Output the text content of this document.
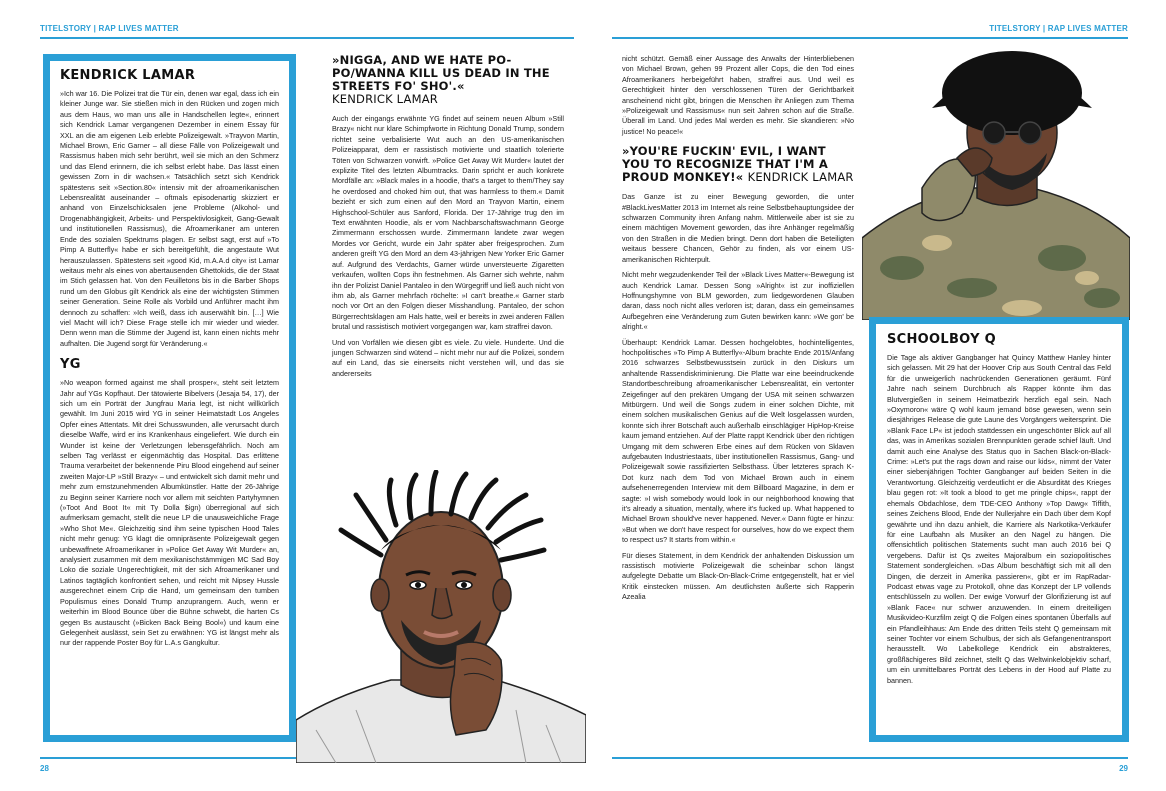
TITELSTORY | RAP LIVES MATTER	TITELSTORY | RAP LIVES MATTER
28	29
KENDRICK LAMAR

»Ich war 16. Die Polizei trat die Tür ein, denen war egal, dass ich ein kleiner Junge war. Sie stießen mich in den Rücken und zogen mich aus dem Haus, wo man uns alle in Handschellen legte«, erinnert sich Kendrick Lamar vergangenen Dezember in einem Essay für XXL an die am eigenen Leib erlebte Polizeigewalt. »Trayvon Martin, Michael Brown, Eric Garner – all diese Fälle von Polizeigewalt und Rassismus haben mich sehr berührt, weil sie mich an den Schmerz und das Elend erinnern, die ich selbst erlebt habe. Das lässt einen gewissen Zorn in dir wachsen.« Tatsächlich setzt sich Kendrick spätestens seit »Section.80« intensiv mit der afroamerikanischen Lebensrealität auseinander – oftmals episodenartig skizziert er anhand von Einzelschicksalen jene Probleme (Alkohol- und Drogenabhängigkeit, Arbeits- und Perspektivlosigkeit, Gang-Gewalt und institutionellen Rassismus), die Afroamerikaner am unteren Ende des sozialen Spektrums plagen. Er selbst sagt, erst auf »To Pimp A Butterfly« habe er sich bereitgefühlt, die angestaute Wut herauszulassen. Spätestens seit »good Kid, m.A.A.d city« ist Lamar weitaus mehr als eines von abertausenden Ghettokids, die der Staat im Stich gelassen hat. Von den Feuilletons bis in die Barber Shops rund um den Globus gilt Kendrick als eine der wichtigsten Stimmen seiner Generation. Seine Rolle als Vorbild und Anführer macht ihm dennoch zu schaffen: »Ich weiß, dass ich auserwählt bin. […] Wie viel Macht will ich? Diese Frage stelle ich mir wieder und wieder. Denn wenn man die Stimme der Jugend ist, kann einen nichts mehr aufhalten. Die Jugend sorgt für Veränderung.«

YG

»No weapon formed against me shall prosper«, steht seit letztem Jahr auf YGs Kopfhaut. Der tätowierte Bibelvers (Jesaja 54, 17), der sich um ein Porträt der Jungfrau Maria legt, ist nicht willkürlich gewählt. Im Juni 2015 wird YG in seiner Heimatstadt Los Angeles Opfer eines Attentats. Mit drei Schusswunden, alle verursacht durch dieselbe Waffe, wird er ins Krankenhaus eingeliefert. Wie durch ein Wunder ist keine der Verletzungen lebensgefährlich. Noch am selben Tag verlässt er eigenmächtig das Hospital. Das erlittene Trauma verarbeitet der bekennende Piru Blood eingehend auf seiner zweiten Major-LP »Still Brazy« – und entwickelt sich damit mehr und mehr zum ernstzunehmenden Albumkünstler. Hatte der 26-Jährige zu Beginn seiner Karriere noch vor allem mit seichten Partyhymnen (»Toot And Boot It« mit Ty Dolla $ign) überregional auf sich aufmerksam gemacht, stellt die neue LP die unausweichliche Frage »Who Shot Me«. Gleichzeitig sind ihm seine typischen Hood Tales nicht mehr genug: YG klagt die omnipräsente Polizeigewalt gegen unbewaffnete Afroamerikaner in »Police Get Away Wit Murder« an, analysiert zusammen mit dem mexikanischstämmigen MC Sad Boy Loko die soziale Ungerechtigkeit, mit der sich Afroamerikaner und Latinos tagtäglich konfrontiert sehen, und reicht mit Nipsey Hussle ausgerechnet einem Crip die Hand, um gemeinsam den tumben Populismus eines Donald Trump anzuprangern. Auch, wenn er weiterhin im Blood Bounce über die Bühne schwebt, die harten Cs gegen Bs austauscht (»Bicken Back Being Bool«) und kaum eine Gelegenheit auslässt, sein Set zu erwähnen: YG ist längst mehr als nur der rappende Poster Boy für L.A.s Gangkultur.

»NIGGA, AND WE HATE PO-PO/WANNA KILL US DEAD IN THE STREETS FO' SHO'.«
KENDRICK LAMAR

Auch der eingangs erwähnte YG findet auf seinem neuen Album »Still Brazy« nicht nur klare Schimpfworte in Richtung Donald Trump, sondern richtet seine verbalisierte Wut auch an den US-amerikanischen Polizeiapparat, dem er rassistisch motivierte und staatlich tolerierte Töten von Schwarzen vorwirft. »Police Get Away Wit Murder« lautet der explizite Titel des letzten Albumtracks. Darin spricht er auch konkrete Mordfälle an: »Black males in a hoodie, that's a target to them/They say he overdosed and choked him out, that was harmless to them.« Damit bezieht er sich zum einen auf den Mord an Trayvon Martin, einem Highschool-Schüler aus Sanford, Florida. Der 17-Jährige trug den im Text erwähnten Hoodie, als er vom Nachbarschaftswachmann George Zimmermann erschossen wurde. Zimmermann landete zwar wegen Mordes vor Gericht, wurde ein Jahr später aber freigesprochen. Zum anderen greift YG den Mord an dem 43-jährigen New Yorker Eric Garner auf. Aufgrund des Verdachts, Garner würde unversteuerte Zigaretten verkaufen, wollten Cops ihn festnehmen. Als Garner sich wehrte, nahm ihn der Polizist Daniel Pantaleo in den Würgegriff und ließ auch nicht von ihm ab, als Garner mehrfach röchelte: »I can't breathe.« Garner starb noch vor Ort an den Folgen dieser Misshandlung. Pantaleo, der schon Bürgerrechtsklagen am Hals hatte, weil er bereits in zwei anderen Fällen brutal und rassistisch motiviert vorgegangen war, kam straffrei davon.

Und von Vorfällen wie diesen gibt es viele. Zu viele. Hunderte. Und die jungen Schwarzen sind wütend – nicht mehr nur auf die Polizei, sondern auf ein Land, das sie einerseits nicht verstehen will, und das sie andererseits

nicht schützt. Gemäß einer Aussage des Anwalts der Hinterbliebenen von Michael Brown, gehen 99 Prozent aller Cops, die den Tod eines Afroamerikaners herbeigeführt haben, straffrei aus. Und weil es Gerechtigkeit hinter den verschlossenen Türen der Gerichtbarkeit anscheinend nicht gibt, bringen die Menschen ihr Anliegen zum Thema »Polizeigewalt und Rassismus« nun seit Jahren schon auf die Straße. Überall im Land. Und jedes Mal werden es mehr. Sie skandieren: »No justice! No peace!«

»YOU'RE FUCKIN' EVIL, I WANT YOU TO RECOGNIZE THAT I'M A PROUD MONKEY!« KENDRICK LAMAR

Das Ganze ist zu einer Bewegung geworden, die unter #BlackLivesMatter 2013 im Internet als reine Selbstbehauptungsidee der schwarzen Community ihren Anfang nahm. Mittlerweile aber ist sie zu einem mächtigen Movement geworden, das ihre Anhänger regelmäßig von den Straßen in die Medien bringt. Denn dort haben die Beteiligten weitaus bessere Chancen, Gehör zu finden, als vor einem US-amerikanischen Richterpult.

Nicht mehr wegzudenkender Teil der »Black Lives Matter«-Bewegung ist auch Kendrick Lamar. Dessen Song »Alright« ist zur inoffiziellen Hoffnungshymne von BLM geworden, zum liedgewordenen Glauben daran, dass noch nicht alles verloren ist; daran, dass ein gemeinsames Aufbegehren eine Veränderung zum Guten bewirken kann: »We gon' be alright.«

Überhaupt: Kendrick Lamar. Dessen hochgelobtes, hochintelligentes, hochpolitisches »To Pimp A Butterfly«-Album brachte Ende 2015/Anfang 2016 schwarzes Selbstbewusstsein zurück in den Diskurs um anhaltende Rassendiskriminierung. Die Platte war eine beeindruckende Standortbeschreibung afroamerikanischer Lebensrealität, ein vertonter Zeigefinger auf den prekären Umgang der USA mit seinen schwarzen Mitbürgern. Und weil die Songs zudem in einer solchen Dichte, mit einem solchen musikalischen Genius auf die Welt losgelassen wurden, konnte sich ihrer Botschaft auch außerhalb einschlägiger HipHop-Kreise kaum jemand entziehen. Auf der Platte rappt Kendrick über den richtigen Umgang mit dem schweren Erbe eines auf dem Rücken von Sklaven aufgebauten Industriestaats, über institutionellen Rassismus, Gang- und Polizeigewalt sowie rassifizierten Selbsthass. Über letzteres sprach K-Dot kurz nach dem Tod von Michael Brown auch in einem aufsehenerregenden Interview mit dem Billboard Magazine, in dem er sagte: »I wish somebody would look in our neighborhood knowing that it's already a situation, mentally, where it's fucked up. What happened to Michael Brown should've never happened. Never.« Dann fügte er hinzu: »But when we don't have respect for ourselves, how do we expect them to respect us? It starts from within.«

Für dieses Statement, in dem Kendrick der anhaltenden Diskussion um rassistisch motivierte Polizeigewalt die scheinbar schon längst aufgelegte Debatte um Black-On-Black-Crime entgegenstellt, hat er viel Kritik einstecken müssen. Am deutlichsten äußerte sich Rapperin Azealia

SCHOOLBOY Q

Die Tage als aktiver Gangbanger hat Quincy Matthew Hanley hinter sich gelassen. Mit 29 hat der Hoover Crip aus South Central das Feld für die unweigerlich nachrückenden Generationen geräumt. Fünf Jahre nach seinem Durchbruch als Rapper könnte ihm das Blutvergießen in seinem Heimatbezirk herzlich egal sein. Nach »Oxymoron« wäre Q wohl kaum jemand böse gewesen, wenn sein diesjähriges Release die gute Laune des Vorgängers weitersprint. Die »Blank Face LP« ist jedoch stattdessen ein ungeschönter Blick auf all das, was in Amerikas sozialen Brennpunkten gerade schief läuft. Und damit auch eine Analyse des Status quo in Sachen Black-on-Black-Crime: »Let's put the rags down and raise our kids«, nimmt der Vater einer siebenjährigen Tochter Gangbanger auf beiden Seiten in die Verantwortung. Gleichzeitig verdeutlicht er die Absurdität des Krieges blau gegen rot: »It took a blood to get me pringle chips«, rappt der ehemals Obdachlose, dem TDE-CEO Anthony »Top Dawg« Tiffith, seines Zeichens Blood, Ende der Nullerjahre ein Dach über dem Kopf gewährte und ihn dazu anhielt, die Karriere als Narkotika-Verkäufer für eine Laufbahn als Musiker an den Nagel zu hängen. Die offensichtlich politischen Statements sucht man auch 2016 bei Q vergebens. Dafür ist Qs zweites Majoralbum ein soziopolitisches Statement sondergleichen. »Das Album beschäftigt sich mit all den Dingen, die derzeit in Amerika passieren«, gibt er im RapRadar-Podcast etwas vage zu Protokoll, ohne das Konzept der LP vollends entschlüsseln zu wollen. Der ewige Vorwurf der Glorifizierung ist auf »Blank Face« nur schwer anzuwenden. In einem dreiteiligen Musikvideo-Kurzfilm zeigt Q die Folgen eines spontanen Überfalls auf ein Pfandleihhaus: Am Ende des dritten Teils steht Q gemeinsam mit seiner Tochter vor einem Schulbus, der sich als Gefangenentransport herausstellt. Wo Labelkollege Kendrick ein abstrakteres, großflächigeres Bild zeichnet, stellt Q das Weltwinkelobjektiv scharf, um ein unmittelbares Porträt des Lebens in der Hood auf Platte zu bannen.
